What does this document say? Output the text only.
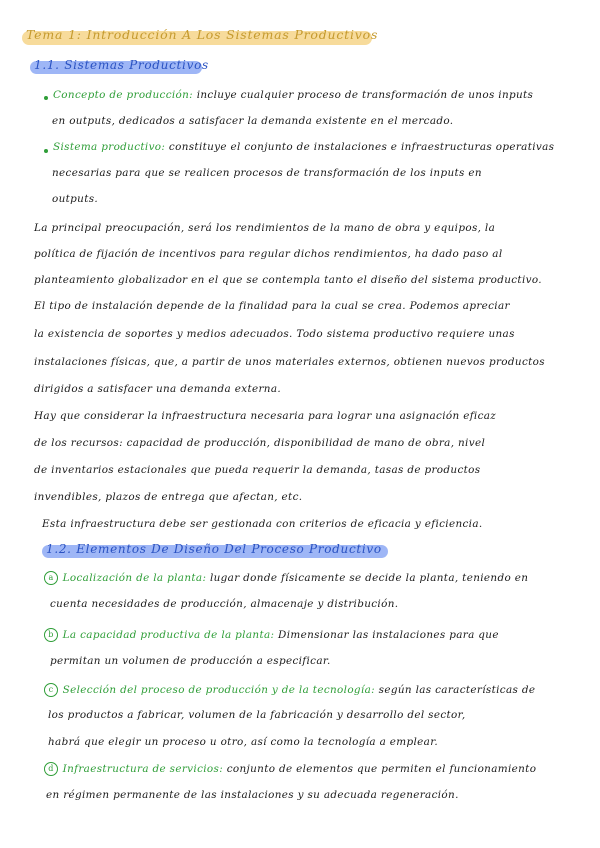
Tema 1: Introducción A Los Sistemas Productivos
1.1. Sistemas Productivos
Concepto de producción: incluye cualquier proceso de transformación de unos inputs
en outputs, dedicados a satisfacer la demanda existente en el mercado.
Sistema productivo: constituye el conjunto de instalaciones e infraestructuras operativas
necesarias para que se realicen procesos de transformación de los inputs en
outputs.
La principal preocupación, será los rendimientos de la mano de obra y equipos, la
política de fijación de incentivos para regular dichos rendimientos, ha dado paso al
planteamiento globalizador en el que se contempla tanto el diseño del sistema productivo.
El tipo de instalación depende de la finalidad para la cual se crea. Podemos apreciar
la existencia de soportes y medios adecuados. Todo sistema productivo requiere unas
instalaciones físicas, que, a partir de unos materiales externos, obtienen nuevos productos
dirigidos a satisfacer una demanda externa.
Hay que considerar la infraestructura necesaria para lograr una asignación eficaz
de los recursos: capacidad de producción, disponibilidad de mano de obra, nivel
de inventarios estacionales que pueda requerir la demanda, tasas de productos
invendibles, plazos de entrega que afectan, etc.
Esta infraestructura debe ser gestionada con criterios de eficacia y eficiencia.
1.2. Elementos De Diseño Del Proceso Productivo
a Localización de la planta: lugar donde físicamente se decide la planta, teniendo en
cuenta necesidades de producción, almacenaje y distribución.
b La capacidad productiva de la planta: Dimensionar las instalaciones para que
permitan un volumen de producción a especificar.
c Selección del proceso de producción y de la tecnología: según las características de
los productos a fabricar, volumen de la fabricación y desarrollo del sector,
habrá que elegir un proceso u otro, así como la tecnología a emplear.
d Infraestructura de servicios: conjunto de elementos que permiten el funcionamiento
en régimen permanente de las instalaciones y su adecuada regeneración.
